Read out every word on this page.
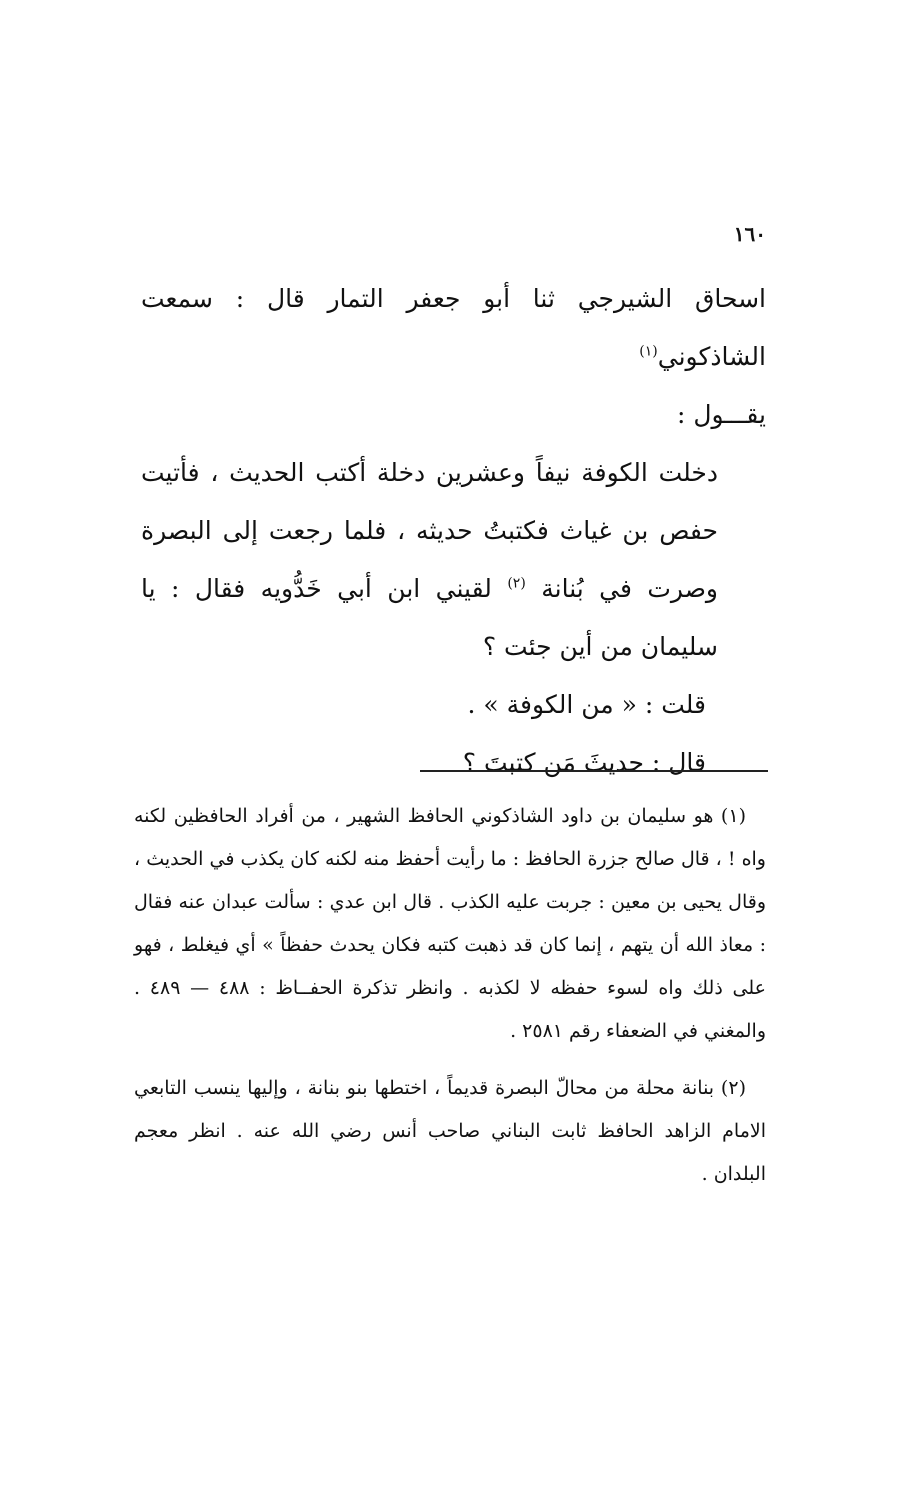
١٦٠

اسحاق الشيرجي ثنا أبو جعفر التمار قال : سمعت الشاذكوني$^{(١)}$

يقـــول :

دخلت الكوفة نيفاً وعشرين دخلة أكتب الحديث ، فأتيت حفص بن غياث فكتبتُ حديثه ، فلما رجعت إلى البصرة وصرت في بُنانة $^{(٢)}$ لقيني ابن أبي خَدُّويه فقال : يا سليمان من أين جئت ؟

قلت : « من الكوفة » .

قال : حديثَ مَن كتبتَ ؟

(١) هو سليمان بن داود الشاذكوني الحافظ الشهير ، من أفراد الحافظين لكنه واه ! ، قال صالح جزرة الحافظ : ما رأيت أحفظ منه لكنه كان يكذب في الحديث ، وقال يحيى بن معين : جربت عليه الكذب . قال ابن عدي : سألت عبدان عنه فقال : معاذ الله أن يتهم ، إنما كان قد ذهبت كتبه فكان يحدث حفظاً » أي فيغلط ، فهو على ذلك واه لسوء حفظه لا لكذبه . وانظر تذكرة الحفــاظ : ٤٨٨ — ٤٨٩ . والمغني في الضعفاء رقم ٢٥٨١ .

(٢) بنانة محلة من محالّ البصرة قديماً ، اختطها بنو بنانة ، وإليها ينسب التابعي الامام الزاهد الحافظ ثابت البناني صاحب أنس رضي الله عنه . انظر معجم البلدان .
